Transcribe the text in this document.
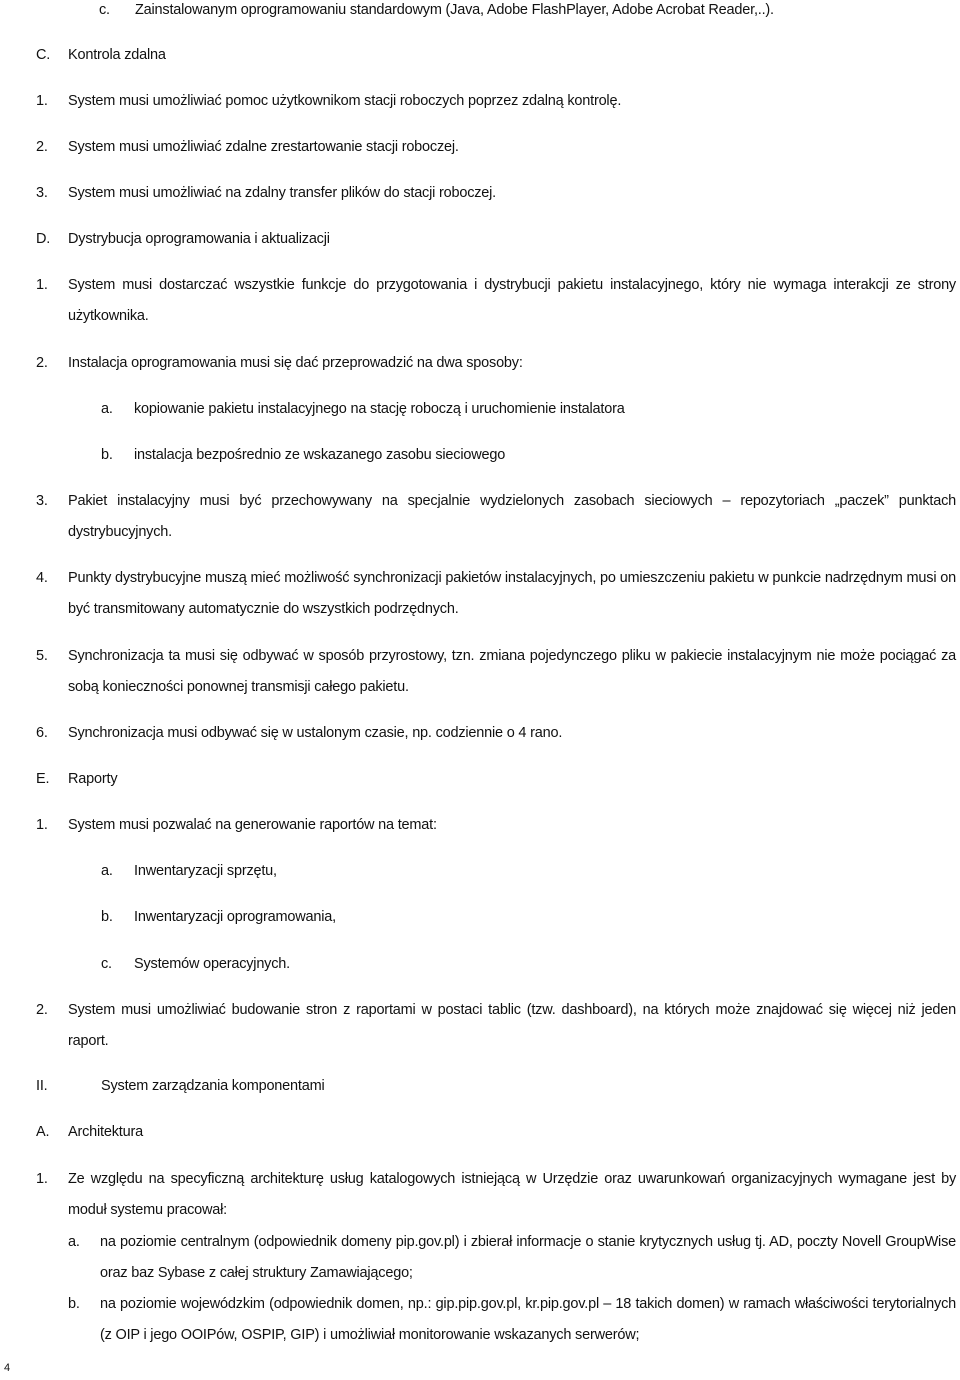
c. Zainstalowanym oprogramowaniu standardowym (Java, Adobe FlashPlayer, Adobe Acrobat Reader,..).
C. Kontrola zdalna
1. System musi umożliwiać pomoc użytkownikom stacji roboczych poprzez zdalną kontrolę.
2. System musi umożliwiać zdalne zrestartowanie stacji roboczej.
3. System musi umożliwiać na zdalny transfer plików do stacji roboczej.
D. Dystrybucja oprogramowania i aktualizacji
1. System musi dostarczać wszystkie funkcje do przygotowania i dystrybucji pakietu instalacyjnego, który nie wymaga interakcji ze strony użytkownika.
2. Instalacja oprogramowania musi się dać przeprowadzić na dwa sposoby:
a. kopiowanie pakietu instalacyjnego na stację roboczą i uruchomienie instalatora
b. instalacja bezpośrednio ze wskazanego zasobu sieciowego
3. Pakiet instalacyjny musi być przechowywany na specjalnie wydzielonych zasobach sieciowych – repozytoriach „paczek” punktach dystrybucyjnych.
4. Punkty dystrybucyjne muszą mieć możliwość synchronizacji pakietów instalacyjnych, po umieszczeniu pakietu w punkcie nadrzędnym musi on być transmitowany automatycznie do wszystkich podrzędnych.
5. Synchronizacja ta musi się odbywać w sposób przyrostowy, tzn. zmiana pojedynczego pliku w pakiecie instalacyjnym nie może pociągać za sobą konieczności ponownej transmisji całego pakietu.
6. Synchronizacja musi odbywać się w ustalonym czasie, np. codziennie o 4 rano.
E. Raporty
1. System musi pozwalać na generowanie raportów na temat:
a. Inwentaryzacji sprzętu,
b. Inwentaryzacji oprogramowania,
c. Systemów operacyjnych.
2. System musi umożliwiać budowanie stron z raportami w postaci tablic (tzw. dashboard), na których może znajdować się więcej niż jeden raport.
II.	System zarządzania komponentami
A. Architektura
1. Ze względu na specyficzną architekturę usług katalogowych istniejącą w Urzędzie oraz uwarunkowań organizacyjnych wymagane jest by moduł systemu pracował:
a. na poziomie centralnym (odpowiednik domeny pip.gov.pl) i zbierał informacje o stanie krytycznych usług tj. AD, poczty Novell GroupWise oraz baz Sybase z całej struktury Zamawiającego;
b. na poziomie wojewódzkim (odpowiednik domen, np.: gip.pip.gov.pl, kr.pip.gov.pl – 18 takich domen) w ramach właściwości terytorialnych (z OIP i jego OOIPów, OSPIP, GIP) i umożliwiał monitorowanie wskazanych serwerów;
4
